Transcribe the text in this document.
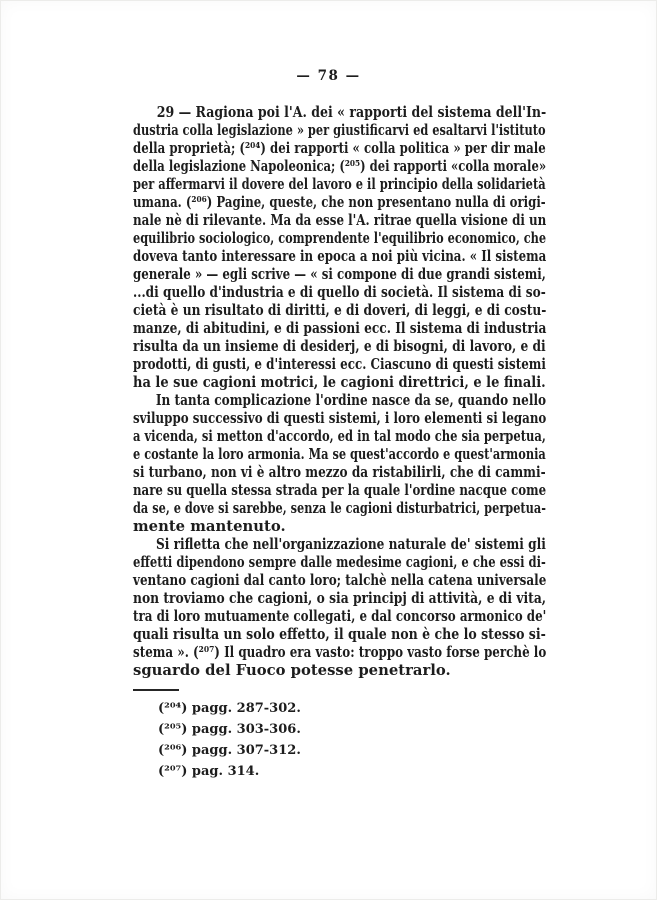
— 78 —
29 — Ragiona poi l'A. dei « rapporti del sistema dell'In-
dustria colla legislazione » per giustificarvi ed esaltarvi l'istituto
della proprietà; (²⁰⁴) dei rapporti « colla politica » per dir male
della legislazione Napoleonica; (²⁰⁵) dei rapporti «colla morale»
per affermarvi il dovere del lavoro e il principio della solidarietà
umana. (²⁰⁶) Pagine, queste, che non presentano nulla di origi-
nale nè di rilevante. Ma da esse l'A. ritrae quella visione di un
equilibrio sociologico, comprendente l'equilibrio economico, che
doveva tanto interessare in epoca a noi più vicina. « Il sistema
generale » — egli scrive — « si compone di due grandi sistemi,
...di quello d'industria e di quello di società. Il sistema di so-
cietà è un risultato di diritti, e di doveri, di leggi, e di costu-
manze, di abitudini, e di passioni ecc. Il sistema di industria
risulta da un insieme di desiderj, e di bisogni, di lavoro, e di
prodotti, di gusti, e d'interessi ecc. Ciascuno di questi sistemi
ha le sue cagioni motrici, le cagioni direttrici, e le finali.
In tanta complicazione l'ordine nasce da se, quando nello
sviluppo successivo di questi sistemi, i loro elementi si legano
a vicenda, si metton d'accordo, ed in tal modo che sia perpetua,
e costante la loro armonia. Ma se quest'accordo e quest'armonia
si turbano, non vi è altro mezzo da ristabilirli, che di cammi-
nare su quella stessa strada per la quale l'ordine nacque come
da se, e dove si sarebbe, senza le cagioni disturbatrici, perpetua-
mente mantenuto.
Si rifletta che nell'organizzazione naturale de' sistemi gli
effetti dipendono sempre dalle medesime cagioni, e che essi di-
ventano cagioni dal canto loro; talchè nella catena universale
non troviamo che cagioni, o sia principj di attività, e di vita,
tra di loro mutuamente collegati, e dal concorso armonico de'
quali risulta un solo effetto, il quale non è che lo stesso si-
stema ». (²⁰⁷) Il quadro era vasto: troppo vasto forse perchè lo
sguardo del Fuoco potesse penetrarlo.
(²⁰⁴) pagg. 287-302.
(²⁰⁵) pagg. 303-306.
(²⁰⁶) pagg. 307-312.
(²⁰⁷) pag. 314.
